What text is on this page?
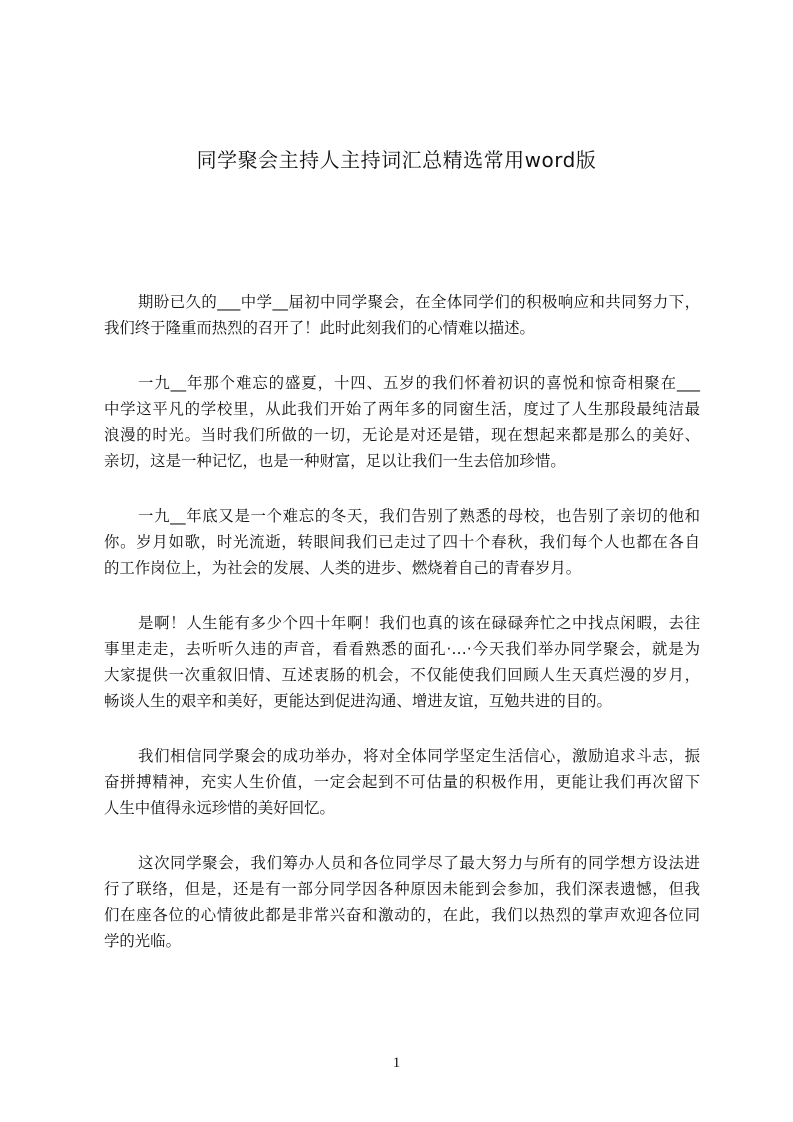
同学聚会主持人主持词汇总精选常用word版
期盼已久的___中学__届初中同学聚会，在全体同学们的积极响应和共同努力下，
我们终于隆重而热烈的召开了！此时此刻我们的心情难以描述。
一九__年那个难忘的盛夏，十四、五岁的我们怀着初识的喜悦和惊奇相聚在___
中学这平凡的学校里，从此我们开始了两年多的同窗生活，度过了人生那段最纯洁最
浪漫的时光。当时我们所做的一切，无论是对还是错，现在想起来都是那么的美好、
亲切，这是一种记忆，也是一种财富，足以让我们一生去倍加珍惜。
一九__年底又是一个难忘的冬天，我们告别了熟悉的母校，也告别了亲切的他和
你。岁月如歌，时光流逝，转眼间我们已走过了四十个春秋，我们每个人也都在各自
的工作岗位上，为社会的发展、人类的进步、燃烧着自己的青春岁月。
是啊！人生能有多少个四十年啊！我们也真的该在碌碌奔忙之中找点闲暇，去往
事里走走，去听听久违的声音，看看熟悉的面孔·…·今天我们举办同学聚会，就是为
大家提供一次重叙旧情、互述衷肠的机会，不仅能使我们回顾人生天真烂漫的岁月，
畅谈人生的艰辛和美好，更能达到促进沟通、增进友谊，互勉共进的目的。
我们相信同学聚会的成功举办，将对全体同学坚定生活信心，激励追求斗志，振
奋拼搏精神，充实人生价值，一定会起到不可估量的积极作用，更能让我们再次留下
人生中值得永远珍惜的美好回忆。
这次同学聚会，我们筹办人员和各位同学尽了最大努力与所有的同学想方设法进
行了联络，但是，还是有一部分同学因各种原因未能到会参加，我们深表遗憾，但我
们在座各位的心情彼此都是非常兴奋和激动的，在此，我们以热烈的掌声欢迎各位同
学的光临。
1
